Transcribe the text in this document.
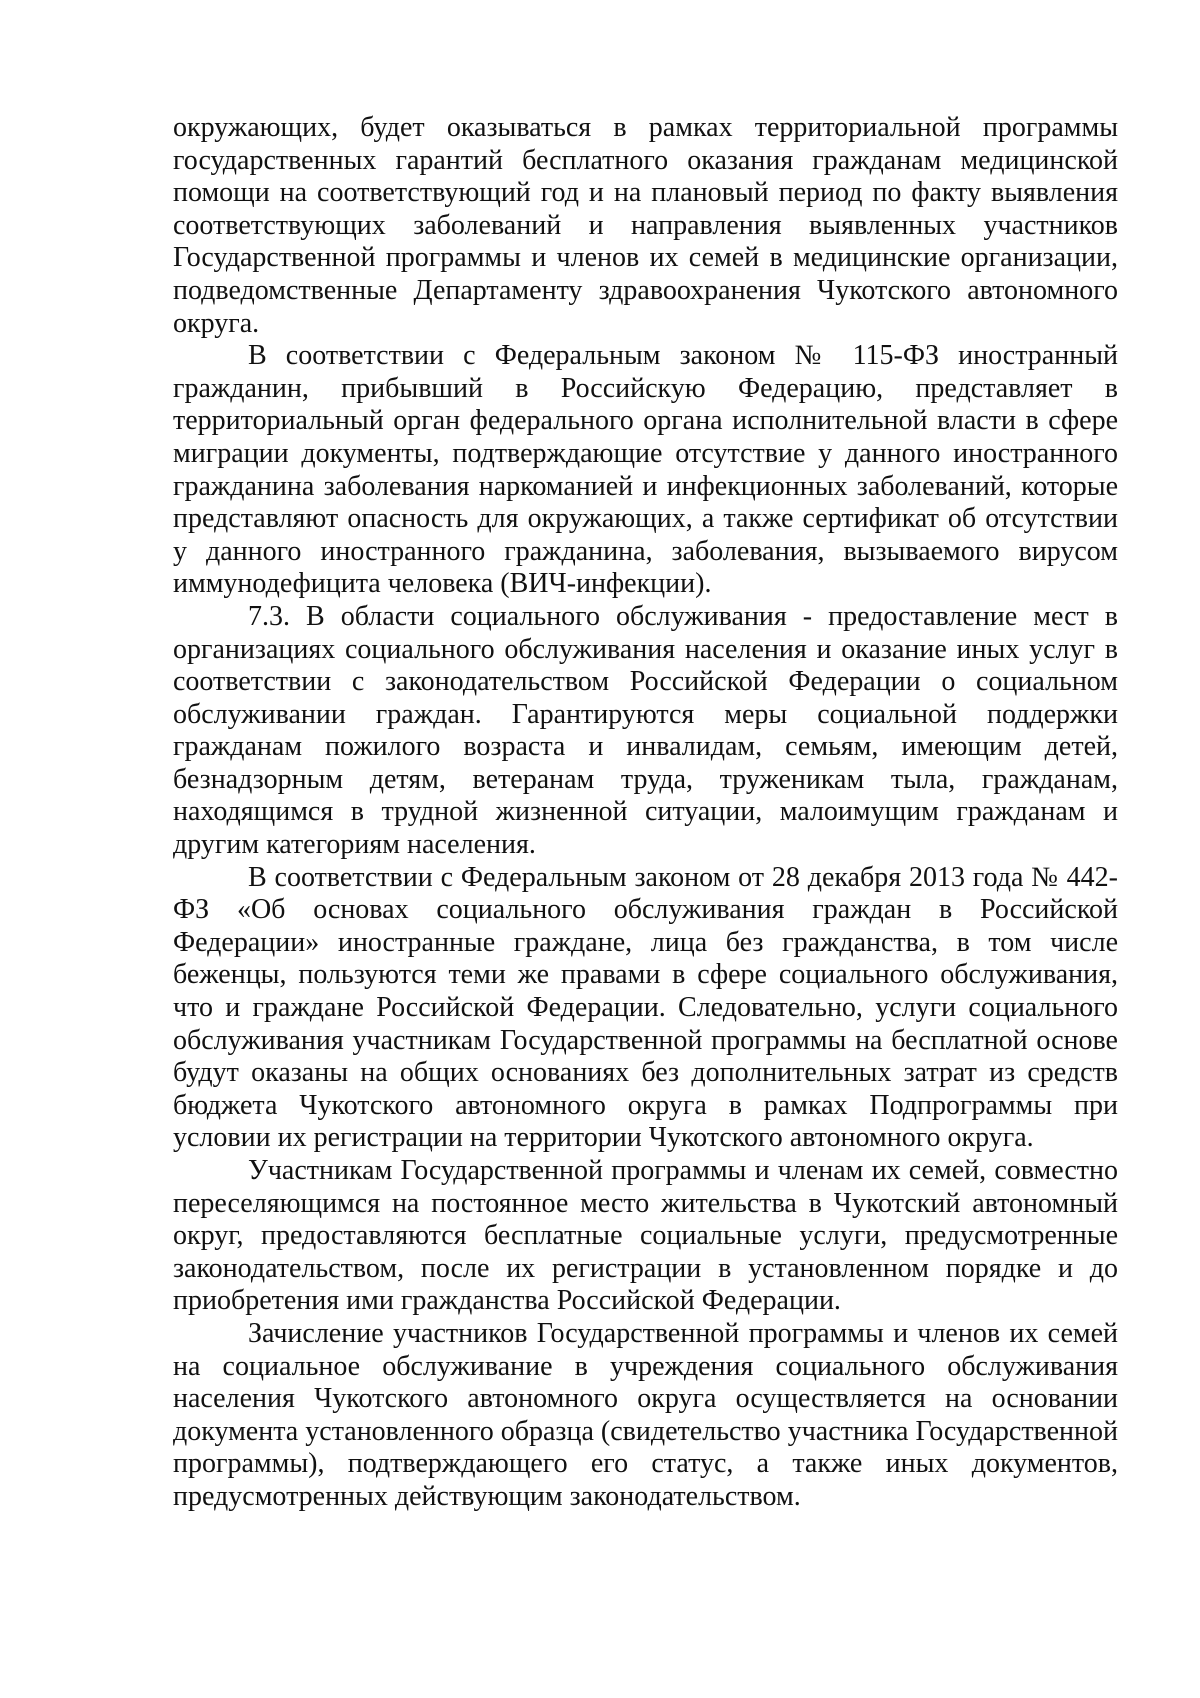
окружающих, будет оказываться в рамках территориальной программы государственных гарантий бесплатного оказания гражданам медицинской помощи на соответствующий год и на плановый период по факту выявления соответствующих заболеваний и направления выявленных участников Государственной программы и членов их семей в медицинские организации, подведомственные Департаменту здравоохранения Чукотского автономного округа.

В соответствии с Федеральным законом № 115-ФЗ иностранный гражданин, прибывший в Российскую Федерацию, представляет в территориальный орган федерального органа исполнительной власти в сфере миграции документы, подтверждающие отсутствие у данного иностранного гражданина заболевания наркоманией и инфекционных заболеваний, которые представляют опасность для окружающих, а также сертификат об отсутствии у данного иностранного гражданина, заболевания, вызываемого вирусом иммунодефицита человека (ВИЧ-инфекции).

7.3. В области социального обслуживания - предоставление мест в организациях социального обслуживания населения и оказание иных услуг в соответствии с законодательством Российской Федерации о социальном обслуживании граждан. Гарантируются меры социальной поддержки гражданам пожилого возраста и инвалидам, семьям, имеющим детей, безнадзорным детям, ветеранам труда, труженикам тыла, гражданам, находящимся в трудной жизненной ситуации, малоимущим гражданам и другим категориям населения.

В соответствии с Федеральным законом от 28 декабря 2013 года № 442-ФЗ «Об основах социального обслуживания граждан в Российской Федерации» иностранные граждане, лица без гражданства, в том числе беженцы, пользуются теми же правами в сфере социального обслуживания, что и граждане Российской Федерации. Следовательно, услуги социального обслуживания участникам Государственной программы на бесплатной основе будут оказаны на общих основаниях без дополнительных затрат из средств бюджета Чукотского автономного округа в рамках Подпрограммы при условии их регистрации на территории Чукотского автономного округа.

Участникам Государственной программы и членам их семей, совместно переселяющимся на постоянное место жительства в Чукотский автономный округ, предоставляются бесплатные социальные услуги, предусмотренные законодательством, после их регистрации в установленном порядке и до приобретения ими гражданства Российской Федерации.

Зачисление участников Государственной программы и членов их семей на социальное обслуживание в учреждения социального обслуживания населения Чукотского автономного округа осуществляется на основании документа установленного образца (свидетельство участника Государственной программы), подтверждающего его статус, а также иных документов, предусмотренных действующим законодательством.
